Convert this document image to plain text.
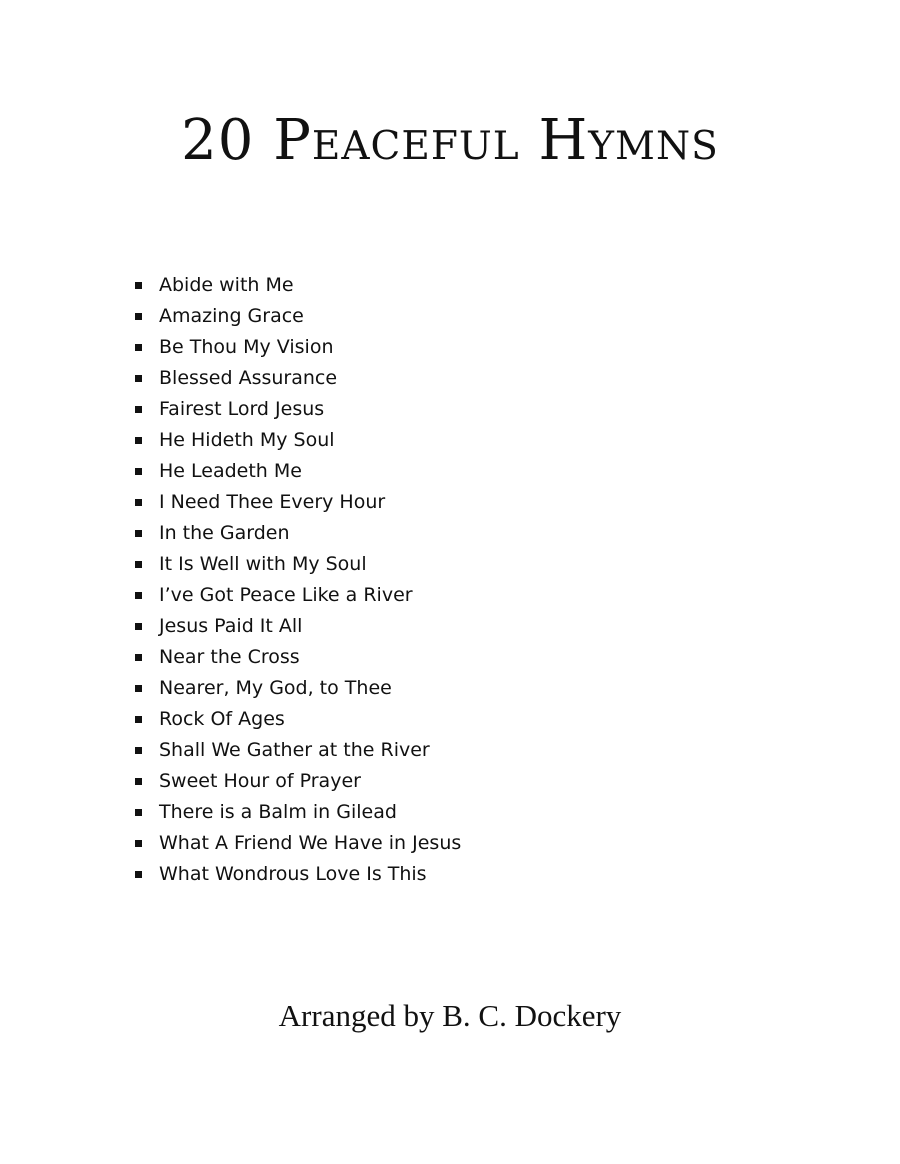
20 Peaceful Hymns
Abide with Me
Amazing Grace
Be Thou My Vision
Blessed Assurance
Fairest Lord Jesus
He Hideth My Soul
He Leadeth Me
I Need Thee Every Hour
In the Garden
It Is Well with My Soul
I’ve Got Peace Like a River
Jesus Paid It All
Near the Cross
Nearer, My God, to Thee
Rock Of Ages
Shall We Gather at the River
Sweet Hour of Prayer
There is a Balm in Gilead
What A Friend We Have in Jesus
What Wondrous Love Is This

Arranged by B. C. Dockery
